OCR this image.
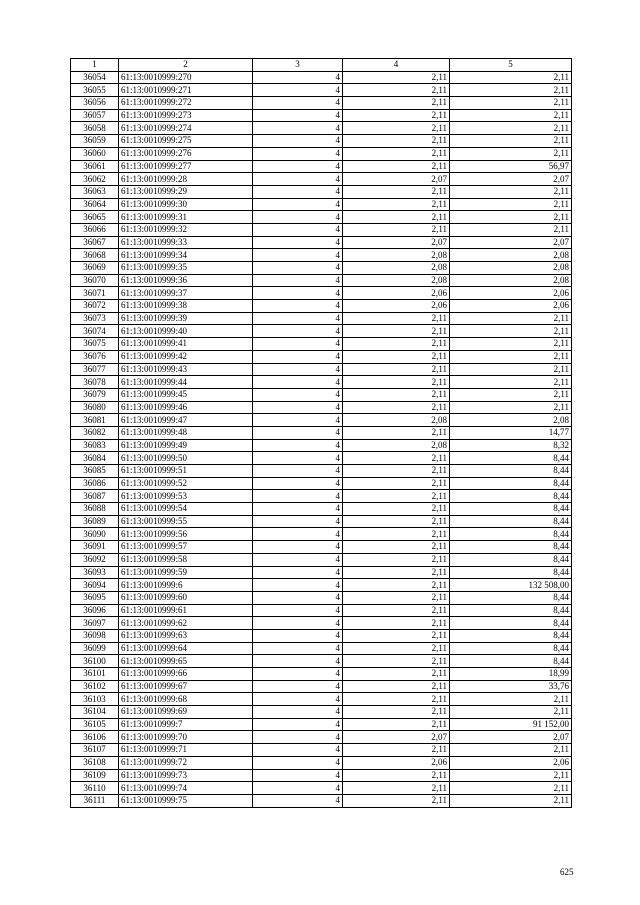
1	2	3	4	5
36054	61:13:0010999:270	4	2,11	2,11
36055	61:13:0010999:271	4	2,11	2,11
36056	61:13:0010999:272	4	2,11	2,11
36057	61:13:0010999:273	4	2,11	2,11
36058	61:13:0010999:274	4	2,11	2,11
36059	61:13:0010999:275	4	2,11	2,11
36060	61:13:0010999:276	4	2,11	2,11
36061	61:13:0010999:277	4	2,11	56,97
36062	61:13:0010999:28	4	2,07	2,07
36063	61:13:0010999:29	4	2,11	2,11
36064	61:13:0010999:30	4	2,11	2,11
36065	61:13:0010999:31	4	2,11	2,11
36066	61:13:0010999:32	4	2,11	2,11
36067	61:13:0010999:33	4	2,07	2,07
36068	61:13:0010999:34	4	2,08	2,08
36069	61:13:0010999:35	4	2,08	2,08
36070	61:13:0010999:36	4	2,08	2,08
36071	61:13:0010999:37	4	2,06	2,06
36072	61:13:0010999:38	4	2,06	2,06
36073	61:13:0010999:39	4	2,11	2,11
36074	61:13:0010999:40	4	2,11	2,11
36075	61:13:0010999:41	4	2,11	2,11
36076	61:13:0010999:42	4	2,11	2,11
36077	61:13:0010999:43	4	2,11	2,11
36078	61:13:0010999:44	4	2,11	2,11
36079	61:13:0010999:45	4	2,11	2,11
36080	61:13:0010999:46	4	2,11	2,11
36081	61:13:0010999:47	4	2,08	2,08
36082	61:13:0010999:48	4	2,11	14,77
36083	61:13:0010999:49	4	2,08	8,32
36084	61:13:0010999:50	4	2,11	8,44
36085	61:13:0010999:51	4	2,11	8,44
36086	61:13:0010999:52	4	2,11	8,44
36087	61:13:0010999:53	4	2,11	8,44
36088	61:13:0010999:54	4	2,11	8,44
36089	61:13:0010999:55	4	2,11	8,44
36090	61:13:0010999:56	4	2,11	8,44
36091	61:13:0010999:57	4	2,11	8,44
36092	61:13:0010999:58	4	2,11	8,44
36093	61:13:0010999:59	4	2,11	8,44
36094	61:13:0010999:6	4	2,11	132 508,00
36095	61:13:0010999:60	4	2,11	8,44
36096	61:13:0010999:61	4	2,11	8,44
36097	61:13:0010999:62	4	2,11	8,44
36098	61:13:0010999:63	4	2,11	8,44
36099	61:13:0010999:64	4	2,11	8,44
36100	61:13:0010999:65	4	2,11	8,44
36101	61:13:0010999:66	4	2,11	18,99
36102	61:13:0010999:67	4	2,11	33,76
36103	61:13:0010999:68	4	2,11	2,11
36104	61:13:0010999:69	4	2,11	2,11
36105	61:13:0010999:7	4	2,11	91 152,00
36106	61:13:0010999:70	4	2,07	2,07
36107	61:13:0010999:71	4	2,11	2,11
36108	61:13:0010999:72	4	2,06	2,06
36109	61:13:0010999:73	4	2,11	2,11
36110	61:13:0010999:74	4	2,11	2,11
36111	61:13:0010999:75	4	2,11	2,11
625
